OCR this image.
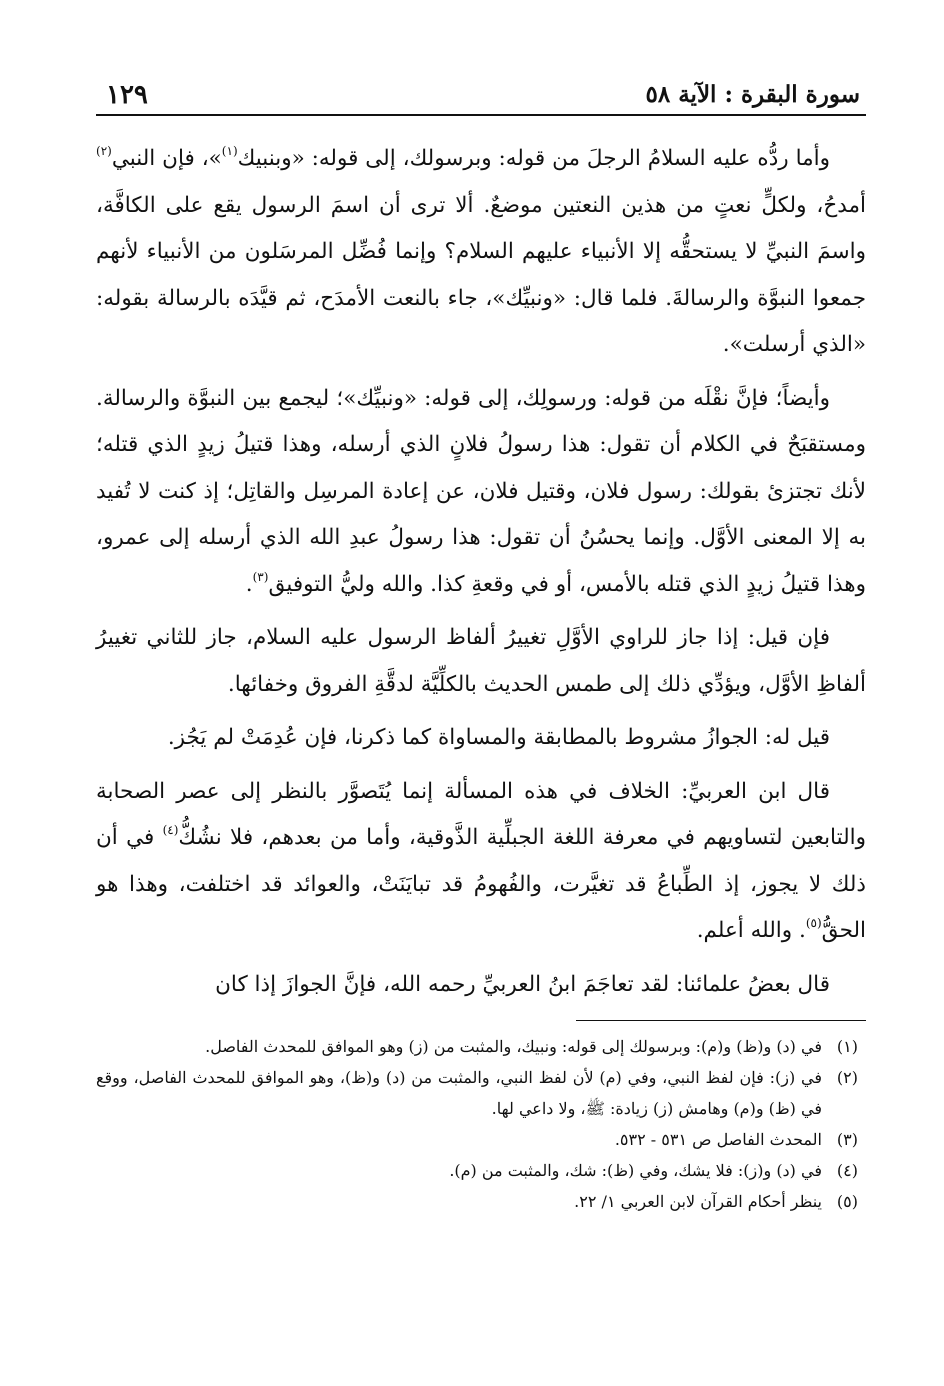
سورة البقرة : الآية ٥٨
١٢٩

وأما ردُّه عليه السلامُ الرجلَ من قوله: وبرسولك، إلى قوله: «وبنبيك$^{(١)}$»، فإن النبي$^{(٢)}$ أمدحُ، ولكلٍّ نعتٍ من هذين النعتين موضعٌ. ألا ترى أن اسمَ الرسول يقع على الكافَّة، واسمَ النبيِّ لا يستحقُّه إلا الأنبياء عليهم السلام؟ وإنما فُضِّل المرسَلون من الأنبياء لأنهم جمعوا النبوَّة والرسالةَ. فلما قال: «ونبيِّك»، جاء بالنعت الأمدَح، ثم قيَّدَه بالرسالة بقوله: «الذي أرسلت».

وأيضاً؛ فإنَّ نقْلَه من قوله: ورسولِك، إلى قوله: «ونبيِّك»؛ ليجمع بين النبوَّة والرسالة. ومستقبَحٌ في الكلام أن تقول: هذا رسولُ فلانٍ الذي أرسله، وهذا قتيلُ زيدٍ الذي قتله؛ لأنك تجتزئ بقولك: رسول فلان، وقتيل فلان، عن إعادة المرسِل والقاتِل؛ إذ كنت لا تُفيد به إلا المعنى الأوَّل. وإنما يحسُنُ أن تقول: هذا رسولُ عبدِ الله الذي أرسله إلى عمرو، وهذا قتيلُ زيدٍ الذي قتله بالأمس، أو في وقعةِ كذا. والله وليُّ التوفيق$^{(٣)}$.

فإن قيل: إذا جاز للراوي الأوَّلِ تغييرُ ألفاظ الرسول عليه السلام، جاز للثاني تغييرُ ألفاظِ الأوَّل، ويؤدِّي ذلك إلى طمس الحديث بالكلِّيَّة لدقَّةِ الفروق وخفائها.

قيل له: الجوازُ مشروط بالمطابقة والمساواة كما ذكرنا، فإن عُدِمَتْ لم يَجُز.

قال ابن العربيِّ: الخلاف في هذه المسألة إنما يُتَصوَّر بالنظر إلى عصر الصحابة والتابعين لتساويهم في معرفة اللغة الجبلِّية الذَّوقية، وأما من بعدهم، فلا نشُكُّ$^{(٤)}$ في أن ذلك لا يجوز، إذ الطِّباعُ قد تغيَّرت، والفُهومُ قد تبايَنَتْ، والعوائد قد اختلفت، وهذا هو الحقُّ$^{(٥)}$. والله أعلم.

قال بعضُ علمائنا: لقد تعاجَمَ ابنُ العربيِّ رحمه الله، فإنَّ الجوازَ إذا كان

(١)
في (د) و(ظ) و(م): وبرسولك إلى قوله: ونبيك، والمثبت من (ز) وهو الموافق للمحدث الفاصل.
(٢)
في (ز): فإن لفظ النبي، وفي (م) لأن لفظ النبي، والمثبت من (د) و(ظ)، وهو الموافق للمحدث الفاصل، ووقع في (ظ) و(م) وهامش (ز) زيادة: ﷺ، ولا داعي لها.
(٣)
المحدث الفاصل ص ٥٣١ - ٥٣٢.
(٤)
في (د) و(ز): فلا يشك، وفي (ظ): شك، والمثبت من (م).
(٥)
ينظر أحكام القرآن لابن العربي ١/ ٢٢.
